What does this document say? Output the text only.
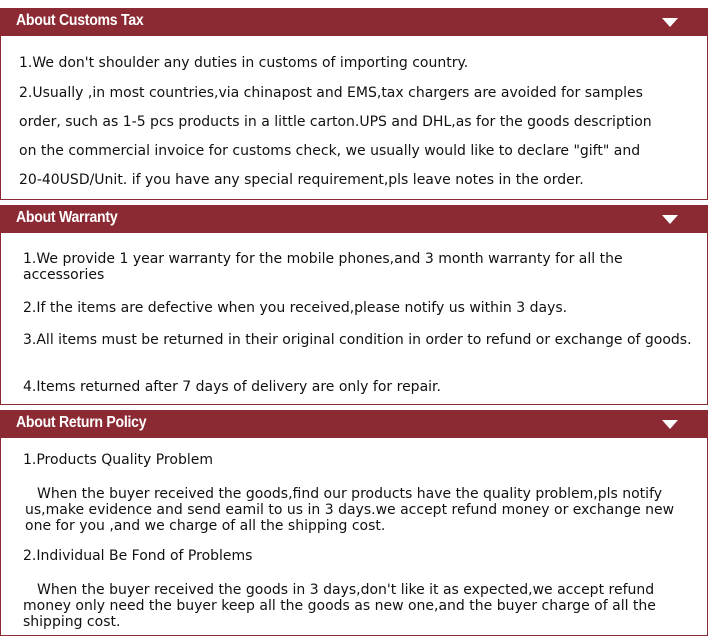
About Customs Tax
1.We don't shoulder any duties in customs of importing country.
2.Usually ,in most countries,via chinapost and EMS,tax chargers are avoided for samples
order, such as 1-5 pcs products in a little carton.UPS and DHL,as for the goods description
on the commercial invoice for customs check, we usually would like to declare "gift" and
20-40USD/Unit. if you have any special requirement,pls leave notes in the order.
About Warranty
1.We provide 1 year warranty for the mobile phones,and 3 month warranty for all the accessories
2.If the items are defective when you received,please notify us within 3 days.
3.All items must be returned in their original condition in order to refund or exchange of goods.
4.Items returned after 7 days of delivery are only for repair.
About Return Policy
1.Products Quality Problem
When the buyer received the goods,find our products have the quality problem,pls notify us,make evidence and send eamil to us in 3 days.we accept refund money or exchange new one for you ,and we charge of all the shipping cost.
2.Individual Be Fond of Problems
When the buyer received the goods in 3 days,don't like it as expected,we accept refund money only need the buyer keep all the goods as new one,and the buyer charge of all the shipping cost.
